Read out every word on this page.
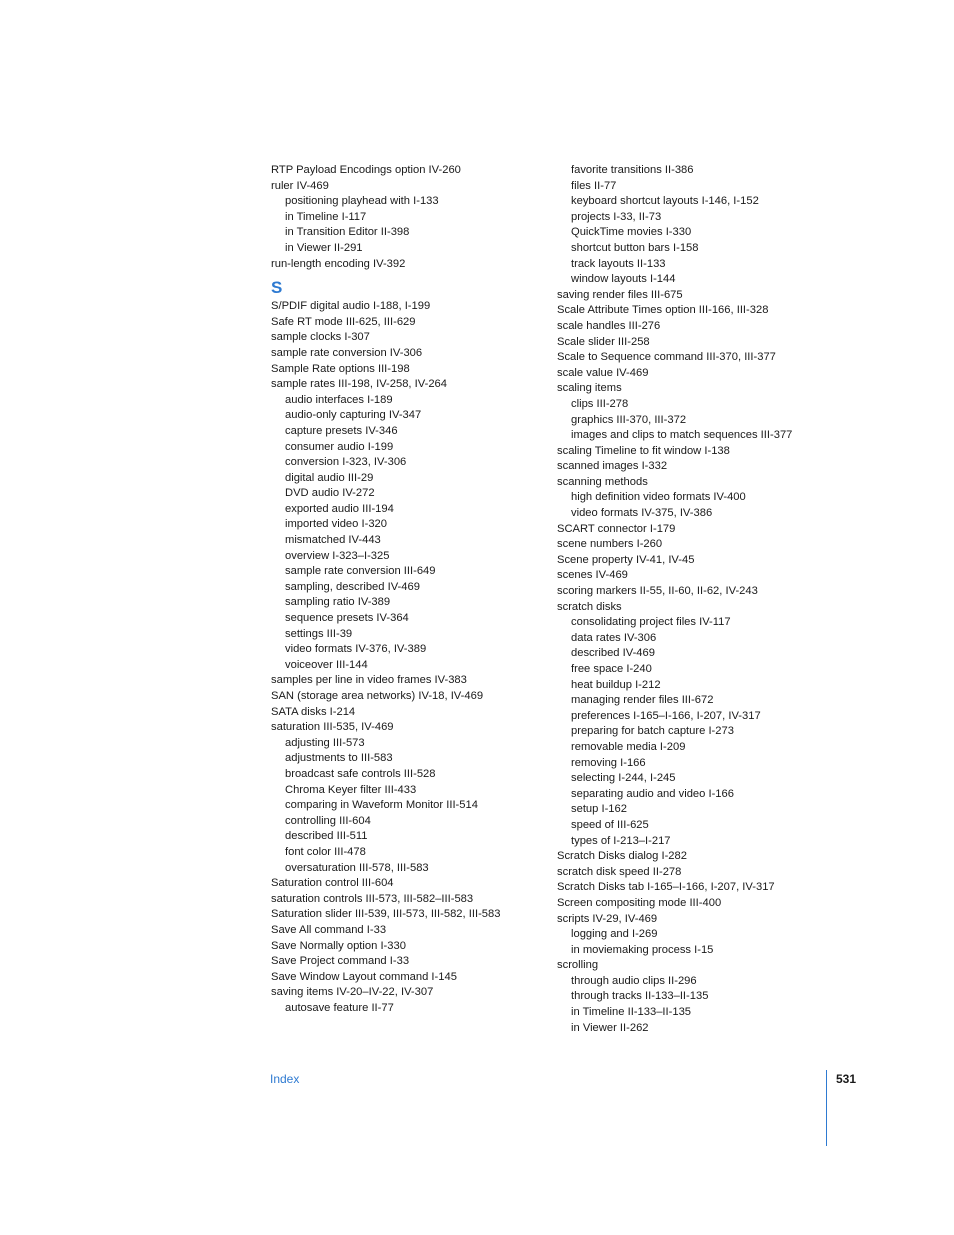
RTP Payload Encodings option IV-260
ruler IV-469
positioning playhead with I-133
in Timeline I-117
in Transition Editor II-398
in Viewer II-291
run-length encoding IV-392
S
S/PDIF digital audio I-188, I-199
Safe RT mode III-625, III-629
sample clocks I-307
sample rate conversion IV-306
Sample Rate options III-198
sample rates III-198, IV-258, IV-264
audio interfaces I-189
audio-only capturing IV-347
capture presets IV-346
consumer audio I-199
conversion I-323, IV-306
digital audio III-29
DVD audio IV-272
exported audio III-194
imported video I-320
mismatched IV-443
overview I-323–I-325
sample rate conversion III-649
sampling, described IV-469
sampling ratio IV-389
sequence presets IV-364
settings III-39
video formats IV-376, IV-389
voiceover III-144
samples per line in video frames IV-383
SAN (storage area networks) IV-18, IV-469
SATA disks I-214
saturation III-535, IV-469
adjusting III-573
adjustments to III-583
broadcast safe controls III-528
Chroma Keyer filter III-433
comparing in Waveform Monitor III-514
controlling III-604
described III-511
font color III-478
oversaturation III-578, III-583
Saturation control III-604
saturation controls III-573, III-582–III-583
Saturation slider III-539, III-573, III-582, III-583
Save All command I-33
Save Normally option I-330
Save Project command I-33
Save Window Layout command I-145
saving items IV-20–IV-22, IV-307
autosave feature II-77
favorite transitions II-386
files II-77
keyboard shortcut layouts I-146, I-152
projects I-33, II-73
QuickTime movies I-330
shortcut button bars I-158
track layouts II-133
window layouts I-144
saving render files III-675
Scale Attribute Times option III-166, III-328
scale handles III-276
Scale slider III-258
Scale to Sequence command III-370, III-377
scale value IV-469
scaling items
clips III-278
graphics III-370, III-372
images and clips to match sequences III-377
scaling Timeline to fit window I-138
scanned images I-332
scanning methods
high definition video formats IV-400
video formats IV-375, IV-386
SCART connector I-179
scene numbers I-260
Scene property IV-41, IV-45
scenes IV-469
scoring markers II-55, II-60, II-62, IV-243
scratch disks
consolidating project files IV-117
data rates IV-306
described IV-469
free space I-240
heat buildup I-212
managing render files III-672
preferences I-165–I-166, I-207, IV-317
preparing for batch capture I-273
removable media I-209
removing I-166
selecting I-244, I-245
separating audio and video I-166
setup I-162
speed of III-625
types of I-213–I-217
Scratch Disks dialog I-282
scratch disk speed II-278
Scratch Disks tab I-165–I-166, I-207, IV-317
Screen compositing mode III-400
scripts IV-29, IV-469
logging and I-269
in moviemaking process I-15
scrolling
through audio clips II-296
through tracks II-133–II-135
in Timeline II-133–II-135
in Viewer II-262
Index	531
